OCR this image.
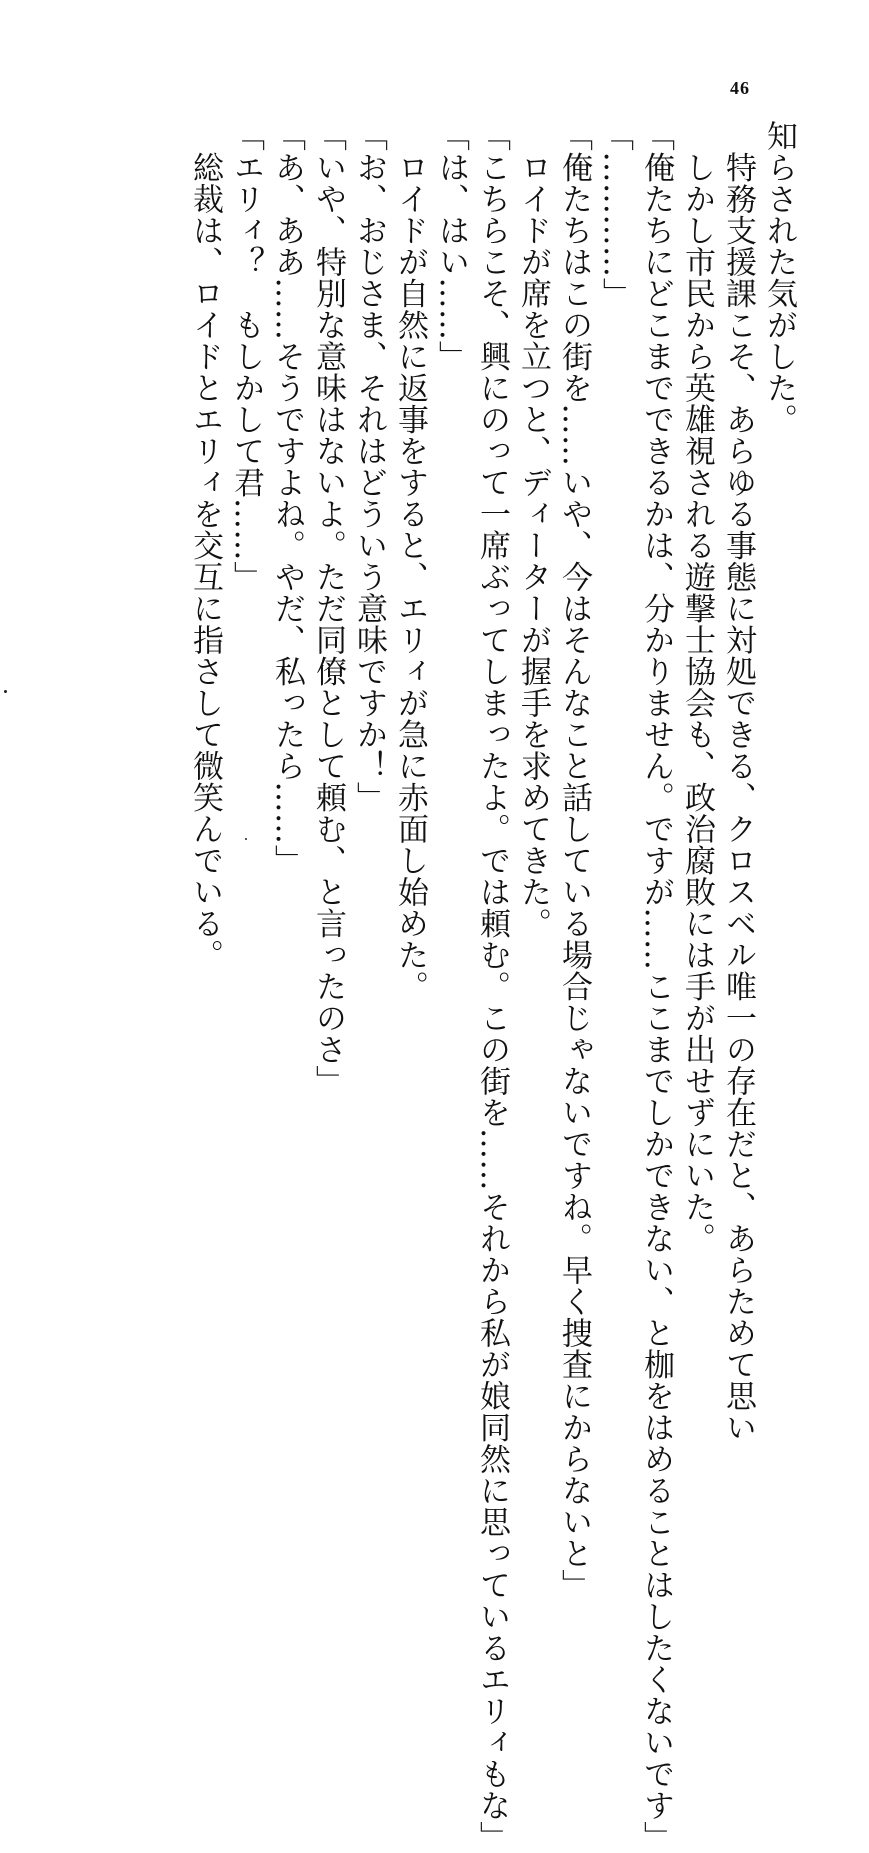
46
知らされた気がした。
　特務支援課こそ、あらゆる事態に対処できる、クロスベル唯一の存在だと、あらためて思い
　しかし市民から英雄視される遊撃士協会も、政治腐敗には手が出せずにいた。
「俺たちにどこまでできるかは、分かりません。ですが……ここまでしかできない、と枷をはめることはしたくないです」
「…………」
「俺たちはこの街を……いや、今はそんなこと話している場合じゃないですね。早く捜査にからないと」
　ロイドが席を立つと、ディーターが握手を求めてきた。
「こちらこそ、興にのって一席ぶってしまったよ。では頼む。この街を……それから私が娘同然に思っているエリィもな」
「は、はい……」
　ロイドが自然に返事をすると、エリィが急に赤面し始めた。
「お、おじさま、それはどういう意味ですか！」
「いや、特別な意味はないよ。ただ同僚として頼む、と言ったのさ」
「あ、ああ……そうですよね。やだ、私ったら……」
「エリィ？　もしかして君……」
　総裁は、ロイドとエリィを交互に指さして微笑んでいる。
